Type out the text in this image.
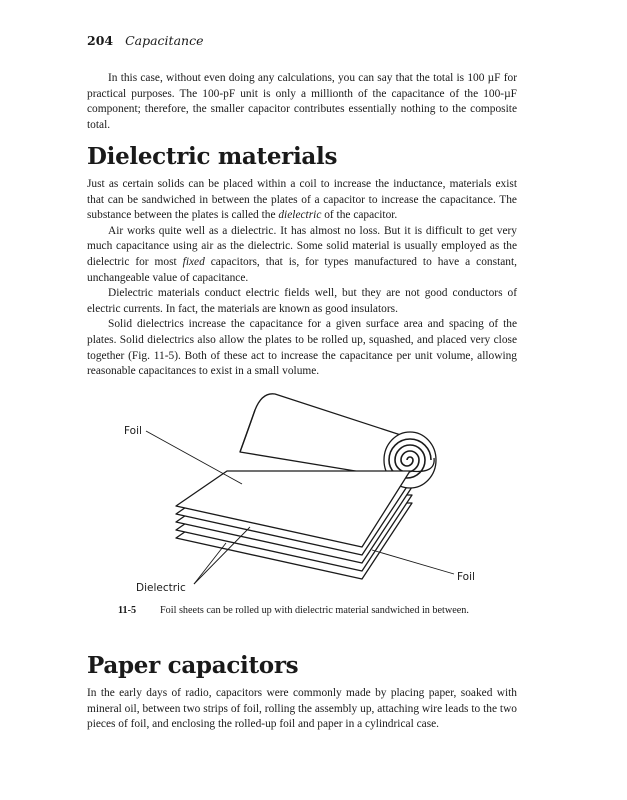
204 Capacitance

In this case, without even doing any calculations, you can say that the total is 100 µF for practical purposes. The 100-pF unit is only a millionth of the capacitance of the 100-µF component; therefore, the smaller capacitor contributes essentially nothing to the composite total.

Dielectric materials

Just as certain solids can be placed within a coil to increase the inductance, materials exist that can be sandwiched in between the plates of a capacitor to increase the capacitance. The substance between the plates is called the dielectric of the capacitor.

Air works quite well as a dielectric. It has almost no loss. But it is difficult to get very much capacitance using air as the dielectric. Some solid material is usually employed as the dielectric for most fixed capacitors, that is, for types manufactured to have a constant, unchangeable value of capacitance.

Dielectric materials conduct electric fields well, but they are not good conductors of electric currents. In fact, the materials are known as good insulators.

Solid dielectrics increase the capacitance for a given surface area and spacing of the plates. Solid dielectrics also allow the plates to be rolled up, squashed, and placed very close together (Fig. 11-5). Both of these act to increase the capacitance per unit volume, allowing reasonable capacitances to exist in a small volume.

Foil
Foil
Dielectric
11-5	Foil sheets can be rolled up with dielectric material sandwiched in between.
Paper capacitors

In the early days of radio, capacitors were commonly made by placing paper, soaked with mineral oil, between two strips of foil, rolling the assembly up, attaching wire leads to the two pieces of foil, and enclosing the rolled-up foil and paper in a cylindrical case.
